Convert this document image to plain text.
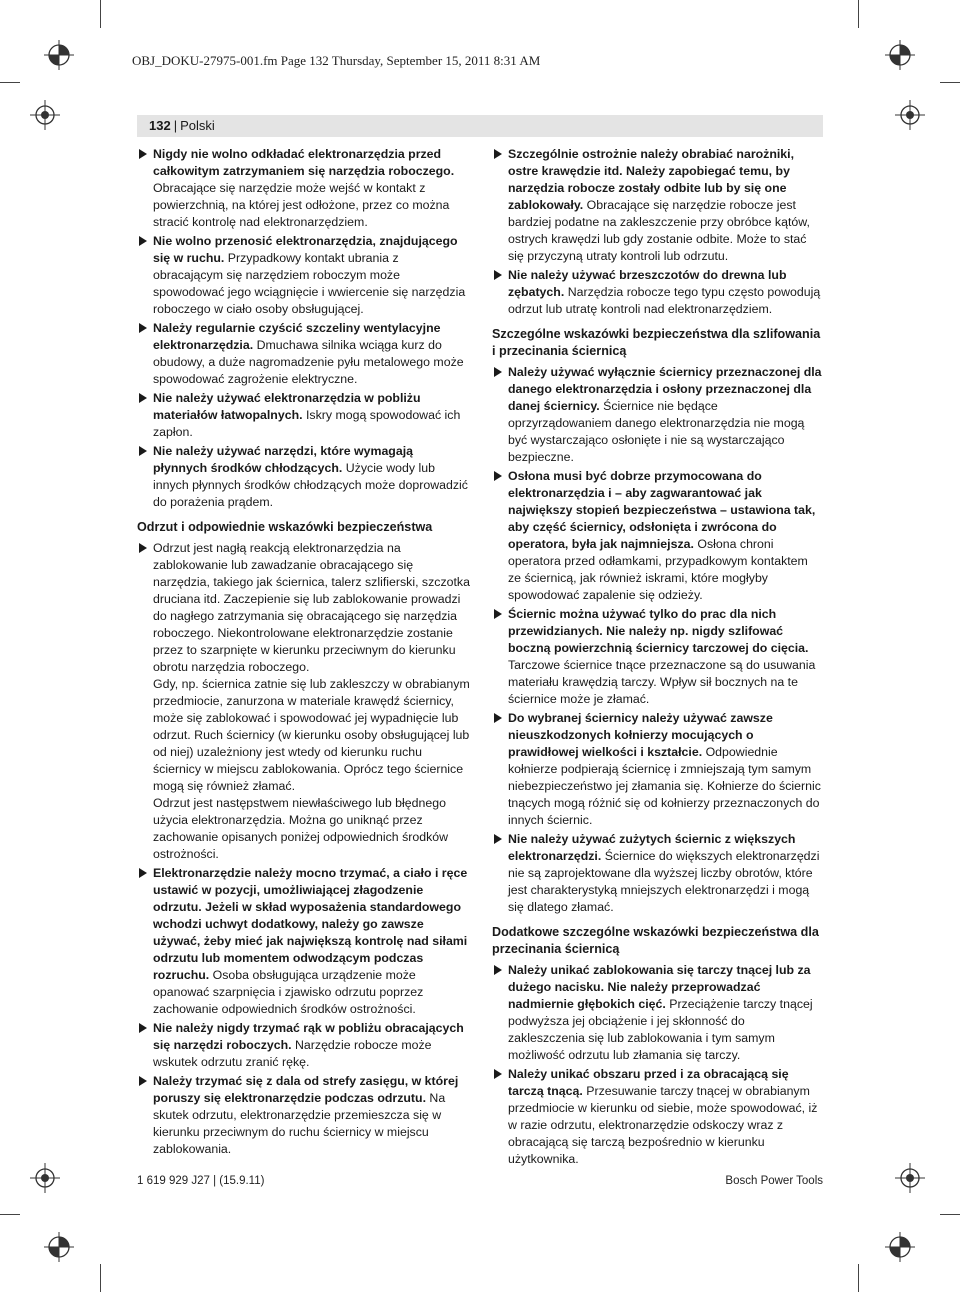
OBJ_DOKU-27975-001.fm Page 132 Thursday, September 15, 2011 8:31 AM
132 | Polski
Nigdy nie wolno odkładać elektronarzędzia przed całkowitym zatrzymaniem się narzędzia roboczego. Obracające się narzędzie może wejść w kontakt z powierzchnią, na której jest odłożone, przez co można stracić kontrolę nad elektronarzędziem.
Nie wolno przenosić elektronarzędzia, znajdującego się w ruchu. Przypadkowy kontakt ubrania z obracającym się narzędziem roboczym może spowodować jego wciągnięcie i wwiercenie się narzędzia roboczego w ciało osoby obsługującej.
Należy regularnie czyścić szczeliny wentylacyjne elektronarzędzia. Dmuchawa silnika wciąga kurz do obudowy, a duże nagromadzenie pyłu metalowego może spowodować zagrożenie elektryczne.
Nie należy używać elektronarzędzia w pobliżu materiałów łatwopalnych. Iskry mogą spowodować ich zapłon.
Nie należy używać narzędzi, które wymagają płynnych środków chłodzących. Użycie wody lub innych płynnych środków chłodzących może doprowadzić do porażenia prądem.
Odrzut i odpowiednie wskazówki bezpieczeństwa
Odrzut jest nagłą reakcją elektronarzędzia na zablokowanie lub zawadzanie obracającego się narzędzia, takiego jak ściernica, talerz szlifierski, szczotka druciana itd. Zaczepienie się lub zablokowanie prowadzi do nagłego zatrzymania się obracającego się narzędzia roboczego. Niekontrolowane elektronarzędzie zostanie przez to szarpnięte w kierunku przeciwnym do kierunku obrotu narzędzia roboczego.
Gdy, np. ściernica zatnie się lub zakleszczy w obrabianym przedmiocie, zanurzona w materiale krawędź ściernicy, może się zablokować i spowodować jej wypadnięcie lub odrzut. Ruch ściernicy (w kierunku osoby obsługującej lub od niej) uzależniony jest wtedy od kierunku ruchu ściernicy w miejscu zablokowania. Oprócz tego ściernice mogą się również złamać.
Odrzut jest następstwem niewłaściwego lub błędnego użycia elektronarzędzia. Można go uniknąć przez zachowanie opisanych poniżej odpowiednich środków ostrożności.
Elektronarzędzie należy mocno trzymać, a ciało i ręce ustawić w pozycji, umożliwiającej złagodzenie odrzutu. Jeżeli w skład wyposażenia standardowego wchodzi uchwyt dodatkowy, należy go zawsze używać, żeby mieć jak największą kontrolę nad siłami odrzutu lub momentem odwodzącym podczas rozruchu. Osoba obsługująca urządzenie może opanować szarpnięcia i zjawisko odrzutu poprzez zachowanie odpowiednich środków ostrożności.
Nie należy nigdy trzymać rąk w pobliżu obracających się narzędzi roboczych. Narzędzie robocze może wskutek odrzutu zranić rękę.
Należy trzymać się z dala od strefy zasięgu, w której poruszy się elektronarzędzie podczas odrzutu. Na skutek odrzutu, elektronarzędzie przemieszcza się w kierunku przeciwnym do ruchu ściernicy w miejscu zablokowania.
Szczególnie ostrożnie należy obrabiać narożniki, ostre krawędzie itd. Należy zapobiegać temu, by narzędzia robocze zostały odbite lub by się one zablokowały. Obracające się narzędzie robocze jest bardziej podatne na zakleszczenie przy obróbce kątów, ostrych krawędzi lub gdy zostanie odbite. Może to stać się przyczyną utraty kontroli lub odrzutu.
Nie należy używać brzeszczotów do drewna lub zębatych. Narzędzia robocze tego typu często powodują odrzut lub utratę kontroli nad elektronarzędziem.
Szczególne wskazówki bezpieczeństwa dla szlifowania i przecinania ściernicą
Należy używać wyłącznie ściernicy przeznaczonej dla danego elektronarzędzia i osłony przeznaczonej dla danej ściernicy. Ściernice nie będące oprzyrządowaniem danego elektronarzędzia nie mogą być wystarczająco osłonięte i nie są wystarczająco bezpieczne.
Osłona musi być dobrze przymocowana do elektronarzędzia i – aby zagwarantować jak największy stopień bezpieczeństwa – ustawiona tak, aby część ściernicy, odsłonięta i zwrócona do operatora, była jak najmniejsza. Osłona chroni operatora przed odłamkami, przypadkowym kontaktem ze ściernicą, jak również iskrami, które mogłyby spowodować zapalenie się odzieży.
Ściernic można używać tylko do prac dla nich przewidzianych. Nie należy np. nigdy szlifować boczną powierzchnią ściernicy tarczowej do cięcia. Tarczowe ściernice tnące przeznaczone są do usuwania materiału krawędzią tarczy. Wpływ sił bocznych na te ściernice może je złamać.
Do wybranej ściernicy należy używać zawsze nieuszkodzonych kołnierzy mocujących o prawidłowej wielkości i kształcie. Odpowiednie kołnierze podpierają ściernicę i zmniejszają tym samym niebezpieczeństwo jej złamania się. Kołnierze do ściernic tnących mogą różnić się od kołnierzy przeznaczonych do innych ściernic.
Nie należy używać zużytych ściernic z większych elektronarzędzi. Ściernice do większych elektronarzędzi nie są zaprojektowane dla wyższej liczby obrotów, które jest charakterystyką mniejszych elektronarzędzi i mogą się dlatego złamać.
Dodatkowe szczególne wskazówki bezpieczeństwa dla przecinania ściernicą
Należy unikać zablokowania się tarczy tnącej lub za dużego nacisku. Nie należy przeprowadzać nadmiernie głębokich cięć. Przeciążenie tarczy tnącej podwyższa jej obciążenie i jej skłonność do zakleszczenia się lub zablokowania i tym samym możliwość odrzutu lub złamania się tarczy.
Należy unikać obszaru przed i za obracającą się tarczą tnącą. Przesuwanie tarczy tnącej w obrabianym przedmiocie w kierunku od siebie, może spowodować, iż w razie odrzutu, elektronarzędzie odskoczy wraz z obracającą się tarczą bezpośrednio w kierunku użytkownika.
1 619 929 J27 | (15.9.11)	Bosch Power Tools
